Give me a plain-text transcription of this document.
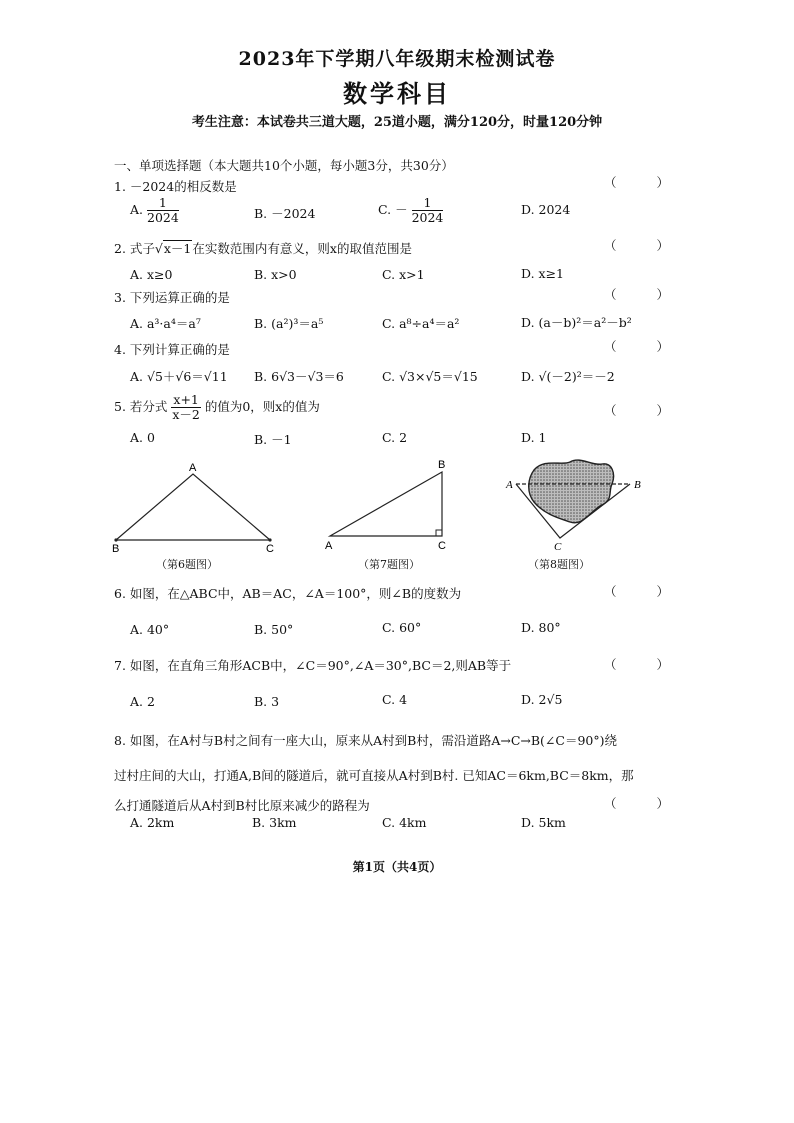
2023年下学期八年级期末检测试卷
数学科目
考生注意：本试卷共三道大题，25道小题，满分120分，时量120分钟
一、单项选择题（本大题共10个小题，每小题3分，共30分）
1. －2024的相反数是	（ ）
A. $\frac{1}{2024}$	B. －2024	C. － $\frac{1}{2024}$	D. 2024
2. 式子√x－1在实数范围内有意义，则x的取值范围是	（ ）
A. x≥0	B. x>0	C. x>1	D. x≥1
3. 下列运算正确的是	（ ）
A. a³·a⁴＝a⁷	B. (a²)³＝a⁵	C. a⁸÷a⁴＝a²	D. (a－b)²＝a²－b²
4. 下列计算正确的是	（ ）
A. √5＋√6＝√11 B. 6√3－√3＝6	C. √3×√5＝√15	D. √(－2)²＝－2
5. 若分式 $\frac{x+1}{x-2}$ 的值为0，则x的值为	（ ）
A. 0	B. －1	C. 2	D. 1
A
B	C
（第6题图）
B
A	C
（第7题图）
A	B
C
（第8题图）
6. 如图，在△ABC中，AB＝AC，∠A＝100°，则∠B的度数为	（ ）
A. 40°	B. 50°	C. 60°	D. 80°
7. 如图，在直角三角形ACB中，∠C＝90°,∠A＝30°,BC＝2,则AB等于	（ ）
A. 2	B. 3	C. 4	D. 2√5
8. 如图，在A村与B村之间有一座大山，原来从A村到B村，需沿道路A→C→B(∠C＝90°)绕
过村庄间的大山，打通A,B间的隧道后，就可直接从A村到B村. 已知AC＝6km,BC＝8km，那
么打通隧道后从A村到B村比原来减少的路程为	（ ）
A. 2km	B. 3km	C. 4km	D. 5km
第1页（共4页）
